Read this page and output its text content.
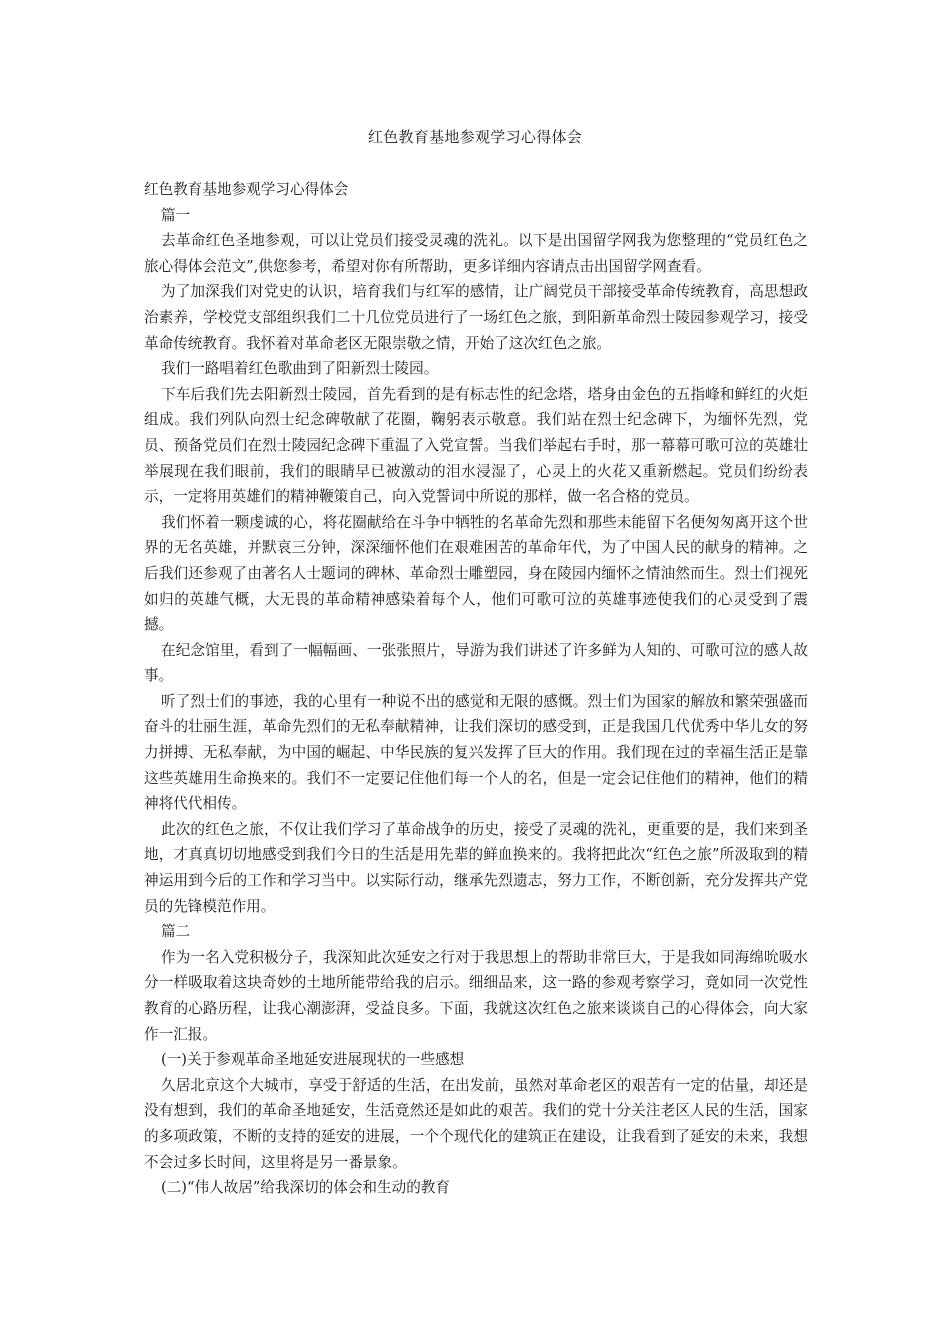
红色教育基地参观学习心得体会

红色教育基地参观学习心得体会

篇一

去革命红色圣地参观，可以让党员们接受灵魂的洗礼。以下是出国留学网我为您整理的“党员红色之旅心得体会范文”,供您参考，希望对你有所帮助，更多详细内容请点击出国留学网查看。

为了加深我们对党史的认识，培育我们与红军的感情，让广阔党员干部接受革命传统教育，高思想政治素养，学校党支部组织我们二十几位党员进行了一场红色之旅，到阳新革命烈士陵园参观学习，接受革命传统教育。我怀着对革命老区无限崇敬之情，开始了这次红色之旅。

我们一路唱着红色歌曲到了阳新烈士陵园。

下车后我们先去阳新烈士陵园，首先看到的是有标志性的纪念塔，塔身由金色的五指峰和鲜红的火炬组成。我们列队向烈士纪念碑敬献了花圈，鞠躬表示敬意。我们站在烈士纪念碑下，为缅怀先烈，党员、预备党员们在烈士陵园纪念碑下重温了入党宣誓。当我们举起右手时，那一幕幕可歌可泣的英雄壮举展现在我们眼前，我们的眼睛早已被激动的泪水浸湿了，心灵上的火花又重新燃起。党员们纷纷表示，一定将用英雄们的精神鞭策自己，向入党誓词中所说的那样，做一名合格的党员。

我们怀着一颗虔诚的心，将花圈献给在斗争中牺牲的名革命先烈和那些未能留下名便匆匆离开这个世界的无名英雄，并默哀三分钟，深深缅怀他们在艰难困苦的革命年代，为了中国人民的献身的精神。之后我们还参观了由著名人士题词的碑林、革命烈士雕塑园，身在陵园内缅怀之情油然而生。烈士们视死如归的英雄气概，大无畏的革命精神感染着每个人，他们可歌可泣的英雄事迹使我们的心灵受到了震撼。

在纪念馆里，看到了一幅幅画、一张张照片，导游为我们讲述了许多鲜为人知的、可歌可泣的感人故事。

听了烈士们的事迹，我的心里有一种说不出的感觉和无限的感慨。烈士们为国家的解放和繁荣强盛而奋斗的壮丽生涯，革命先烈们的无私奉献精神，让我们深切的感受到，正是我国几代优秀中华儿女的努力拼搏、无私奉献，为中国的崛起、中华民族的复兴发挥了巨大的作用。我们现在过的幸福生活正是靠这些英雄用生命换来的。我们不一定要记住他们每一个人的名，但是一定会记住他们的精神，他们的精神将代代相传。

此次的红色之旅，不仅让我们学习了革命战争的历史，接受了灵魂的洗礼，更重要的是，我们来到圣地，才真真切切地感受到我们今日的生活是用先辈的鲜血换来的。我将把此次“红色之旅”所汲取到的精神运用到今后的工作和学习当中。以实际行动，继承先烈遗志，努力工作，不断创新，充分发挥共产党员的先锋模范作用。

篇二

作为一名入党积极分子，我深知此次延安之行对于我思想上的帮助非常巨大，于是我如同海绵吮吸水分一样吸取着这块奇妙的土地所能带给我的启示。细细品来，这一路的参观考察学习，竟如同一次党性教育的心路历程，让我心潮澎湃，受益良多。下面，我就这次红色之旅来谈谈自己的心得体会，向大家作一汇报。

(一)关于参观革命圣地延安进展现状的一些感想

久居北京这个大城市，享受于舒适的生活，在出发前，虽然对革命老区的艰苦有一定的估量，却还是没有想到，我们的革命圣地延安，生活竟然还是如此的艰苦。我们的党十分关注老区人民的生活，国家的多项政策，不断的支持的延安的进展，一个个现代化的建筑正在建设，让我看到了延安的未来，我想不会过多长时间，这里将是另一番景象。

(二)“伟人故居”给我深切的体会和生动的教育
